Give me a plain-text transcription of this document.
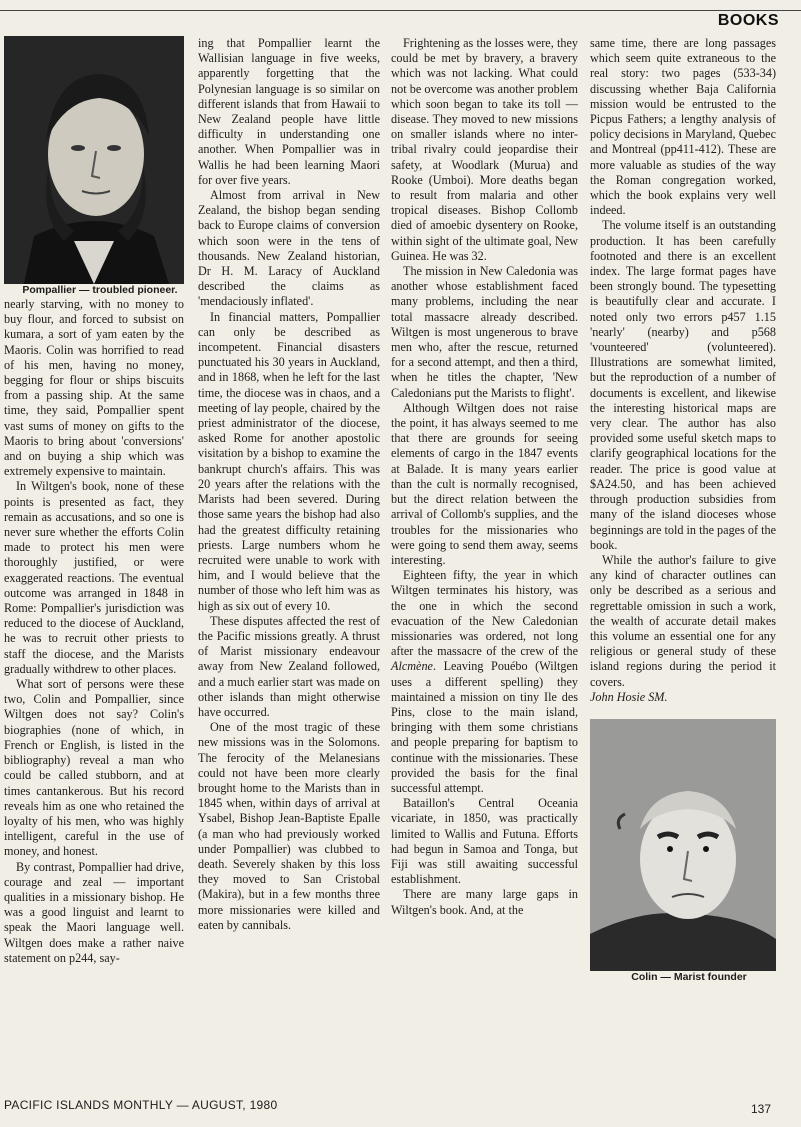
BOOKS

Pompallier — troubled pioneer.

nearly starving, with no money to buy flour, and forced to subsist on kumara, a sort of yam eaten by the Maoris. Colin was horrified to read of his men, having no money, begging for flour or ships biscuits from a passing ship. At the same time, they said, Pompallier spent vast sums of money on gifts to the Maoris to bring about 'conversions' and on buying a ship which was extremely expensive to maintain.

In Wiltgen's book, none of these points is presented as fact, they remain as accusations, and so one is never sure whether the efforts Colin made to protect his men were thoroughly justified, or were exaggerated reactions. The eventual outcome was arranged in 1848 in Rome: Pompallier's jurisdiction was reduced to the diocese of Auckland, he was to recruit other priests to staff the diocese, and the Marists gradually withdrew to other places.

What sort of persons were these two, Colin and Pompallier, since Wiltgen does not say? Colin's biographies (none of which, in French or English, is listed in the bibliography) reveal a man who could be called stubborn, and at times cantankerous. But his record reveals him as one who retained the loyalty of his men, who was highly intelligent, careful in the use of money, and honest.

By contrast, Pompallier had drive, courage and zeal — important qualities in a missionary bishop. He was a good linguist and learnt to speak the Maori language well. Wiltgen does make a rather naive statement on p244, say-

ing that Pompallier learnt the Wallisian language in five weeks, apparently forgetting that the Polynesian language is so similar on different islands that from Hawaii to New Zealand people have little difficulty in understanding one another. When Pompallier was in Wallis he had been learning Maori for over five years.

Almost from arrival in New Zealand, the bishop began sending back to Europe claims of conversion which soon were in the tens of thousands. New Zealand historian, Dr H. M. Laracy of Auckland described the claims as 'mendaciously inflated'.

In financial matters, Pompallier can only be described as incompetent. Financial disasters punctuated his 30 years in Auckland, and in 1868, when he left for the last time, the diocese was in chaos, and a meeting of lay people, chaired by the priest administrator of the diocese, asked Rome for another apostolic visitation by a bishop to examine the bankrupt church's affairs. This was 20 years after the relations with the Marists had been severed. During those same years the bishop had also had the greatest difficulty retaining priests. Large numbers whom he recruited were unable to work with him, and I would believe that the number of those who left him was as high as six out of every 10.

These disputes affected the rest of the Pacific missions greatly. A thrust of Marist missionary endeavour away from New Zealand followed, and a much earlier start was made on other islands than might otherwise have occurred.

One of the most tragic of these new missions was in the Solomons. The ferocity of the Melanesians could not have been more clearly brought home to the Marists than in 1845 when, within days of arrival at Ysabel, Bishop Jean-Baptiste Epalle (a man who had previously worked under Pompallier) was clubbed to death. Severely shaken by this loss they moved to San Cristobal (Makira), but in a few months three more missionaries were killed and eaten by cannibals.

Frightening as the losses were, they could be met by bravery, a bravery which was not lacking. What could not be overcome was another problem which soon began to take its toll — disease. They moved to new missions on smaller islands where no inter-tribal rivalry could jeopardise their safety, at Woodlark (Murua) and Rooke (Umboi). More deaths began to result from malaria and other tropical diseases. Bishop Collomb died of amoebic dysentery on Rooke, within sight of the ultimate goal, New Guinea. He was 32.

The mission in New Caledonia was another whose establishment faced many problems, including the near total massacre already described. Wiltgen is most ungenerous to brave men who, after the rescue, returned for a second attempt, and then a third, when he titles the chapter, 'New Caledonians put the Marists to flight'.

Although Wiltgen does not raise the point, it has always seemed to me that there are grounds for seeing elements of cargo in the 1847 events at Balade. It is many years earlier than the cult is normally recognised, but the direct relation between the arrival of Collomb's supplies, and the troubles for the missionaries who were going to send them away, seems interesting.

Eighteen fifty, the year in which Wiltgen terminates his history, was the one in which the second evacuation of the New Caledonian missionaries was ordered, not long after the massacre of the crew of the Alcmène. Leaving Pouébo (Wiltgen uses a different spelling) they maintained a mission on tiny Ile des Pins, close to the main island, bringing with them some christians and people preparing for baptism to continue with the missionaries. These provided the basis for the final successful attempt.

Bataillon's Central Oceania vicariate, in 1850, was practically limited to Wallis and Futuna. Efforts had begun in Samoa and Tonga, but Fiji was still awaiting successful establishment.

There are many large gaps in Wiltgen's book. And, at the

same time, there are long passages which seem quite extraneous to the real story: two pages (533-34) discussing whether Baja California mission would be entrusted to the Picpus Fathers; a lengthy analysis of policy decisions in Maryland, Quebec and Montreal (pp411-412). These are more valuable as studies of the way the Roman congregation worked, which the book explains very well indeed.

The volume itself is an outstanding production. It has been carefully footnoted and there is an excellent index. The large format pages have been strongly bound. The typesetting is beautifully clear and accurate. I noted only two errors p457 1.15 'nearly' (nearby) and p568 'vounteered' (volunteered). Illustrations are somewhat limited, but the reproduction of a number of documents is excellent, and likewise the interesting historical maps are very clear. The author has also provided some useful sketch maps to clarify geographical locations for the reader. The price is good value at $A24.50, and has been achieved through production subsidies from many of the island dioceses whose beginnings are told in the pages of the book.

While the author's failure to give any kind of character outlines can only be described as a serious and regrettable omission in such a work, the wealth of accurate detail makes this volume an essential one for any religious or general study of these island regions during the period it covers.

John Hosie SM.

Colin — Marist founder

PACIFIC ISLANDS MONTHLY — AUGUST, 1980	137
